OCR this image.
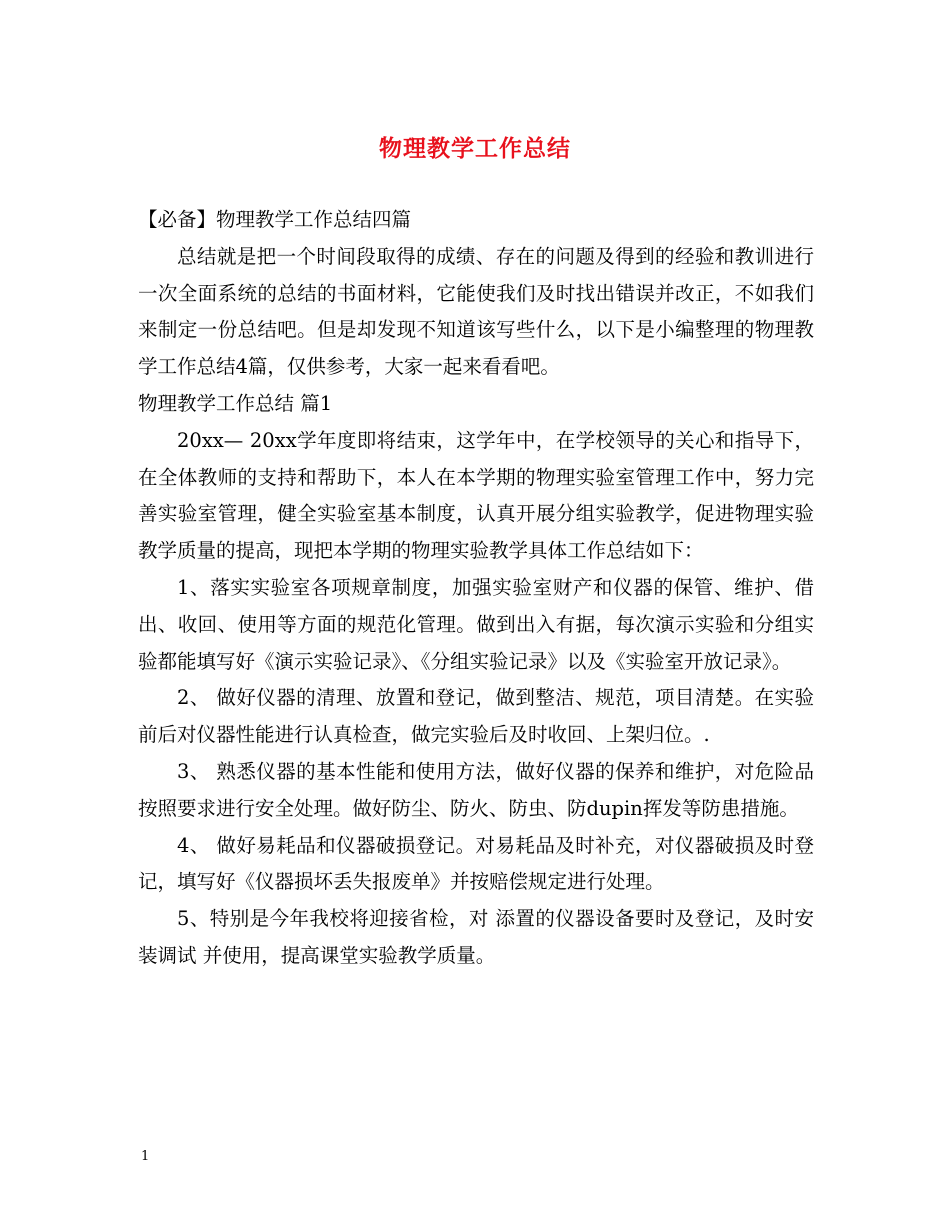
物理教学工作总结

【必备】物理教学工作总结四篇

总结就是把一个时间段取得的成绩、存在的问题及得到的经验和教训进行一次全面系统的总结的书面材料，它能使我们及时找出错误并改正，不如我们来制定一份总结吧。但是却发现不知道该写些什么，以下是小编整理的物理教学工作总结4篇，仅供参考，大家一起来看看吧。

物理教学工作总结 篇1

20xx— 20xx学年度即将结束，这学年中，在学校领导的关心和指导下，在全体教师的支持和帮助下，本人在本学期的物理实验室管理工作中，努力完善实验室管理，健全实验室基本制度，认真开展分组实验教学，促进物理实验教学质量的提高，现把本学期的物理实验教学具体工作总结如下：

1、落实实验室各项规章制度，加强实验室财产和仪器的保管、维护、借出、收回、使用等方面的规范化管理。做到出入有据，每次演示实验和分组实验都能填写好《演示实验记录》、《分组实验记录》以及《实验室开放记录》。

2、 做好仪器的清理、放置和登记，做到整洁、规范，项目清楚。在实验前后对仪器性能进行认真检查，做完实验后及时收回、上架归位。.

3、 熟悉仪器的基本性能和使用方法，做好仪器的保养和维护，对危险品按照要求进行安全处理。做好防尘、防火、防虫、防dupin挥发等防患措施。

4、 做好易耗品和仪器破损登记。对易耗品及时补充，对仪器破损及时登记，填写好《仪器损坏丢失报废单》并按赔偿规定进行处理。

5、特别是今年我校将迎接省检，对 添置的仪器设备要时及登记，及时安装调试 并使用，提高课堂实验教学质量。

1
